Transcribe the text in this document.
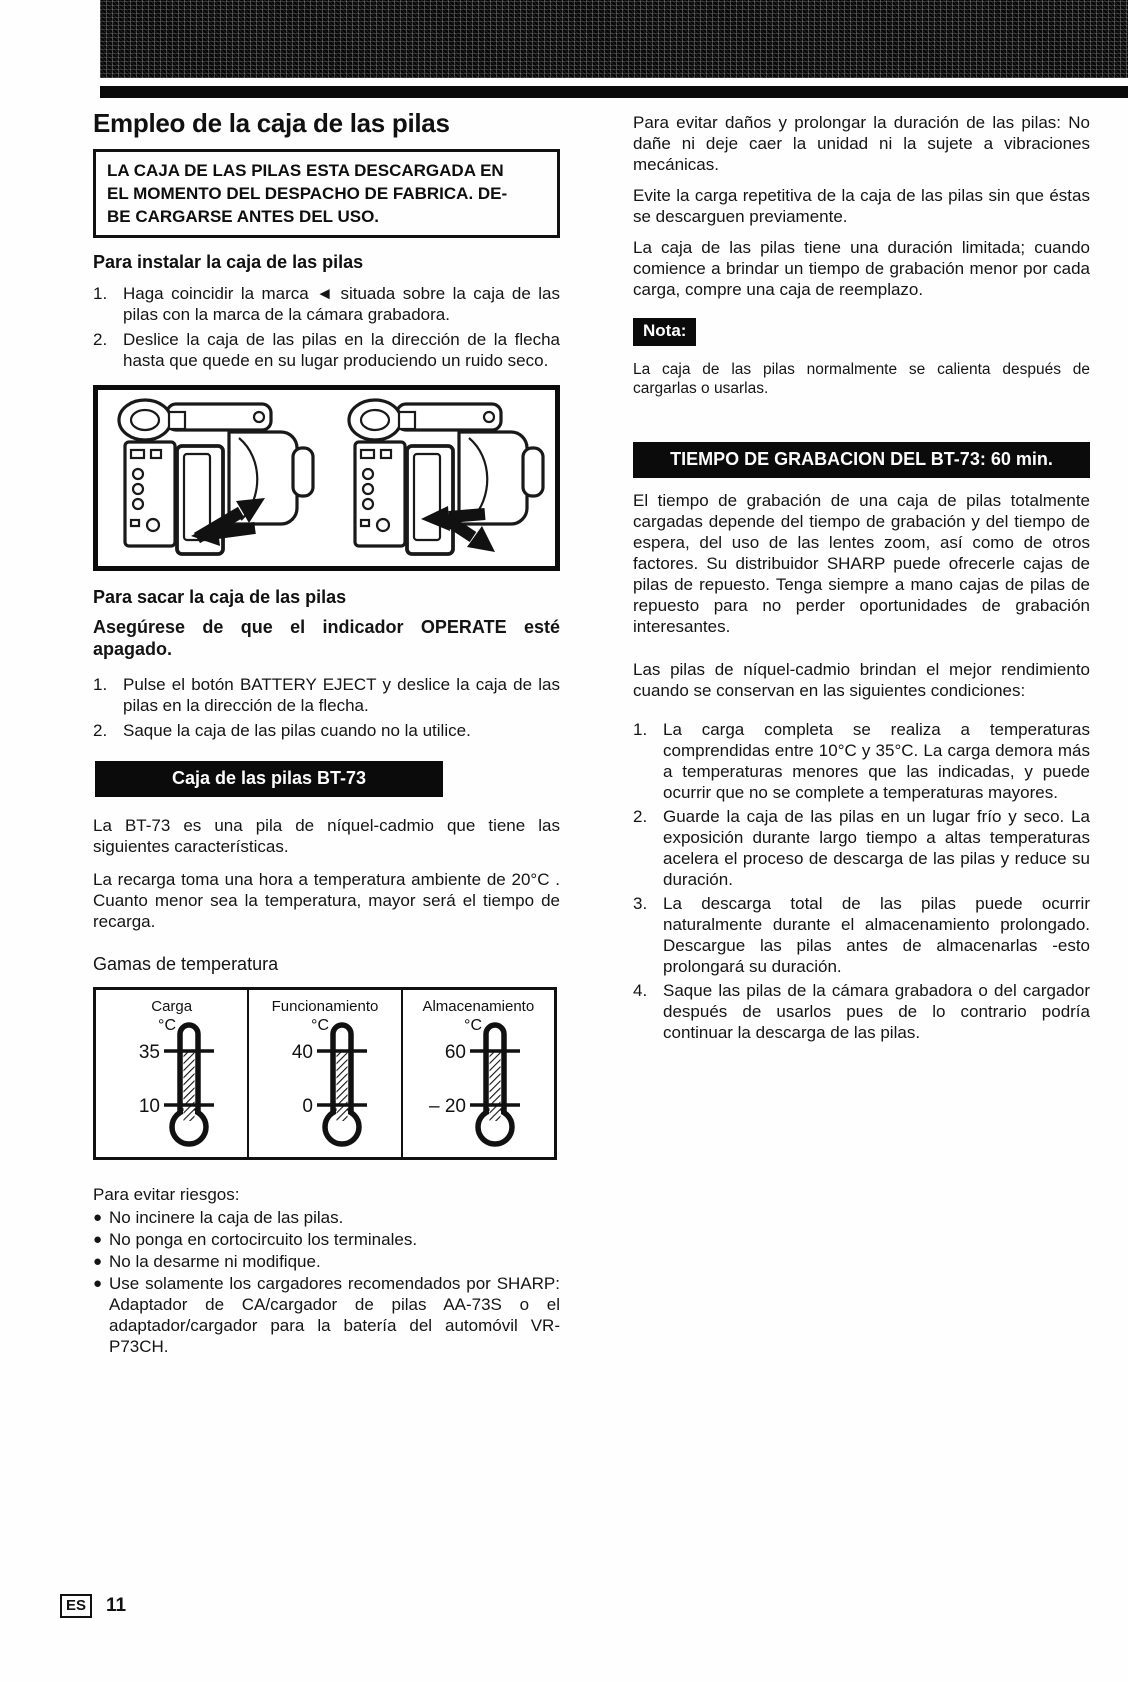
Empleo de la caja de las pilas
LA CAJA DE LAS PILAS ESTA DESCARGADA EN
EL MOMENTO DEL DESPACHO DE FABRICA. DE-
BE CARGARSE ANTES DEL USO.
Para instalar la caja de las pilas
1. Haga coincidir la marca ◄ situada sobre la caja de las pilas con la marca de la cámara grabadora.
2. Deslice la caja de las pilas en la dirección de la flecha hasta que quede en su lugar produciendo un ruido seco.
Para sacar la caja de las pilas

Asegúrese de que el indicador OPERATE esté apagado.

1. Pulse el botón BATTERY EJECT y deslice la caja de las pilas en la dirección de la flecha.
2. Saque la caja de las pilas cuando no la utilice.
Caja de las pilas BT-73

La BT-73 es una pila de níquel-cadmio que tiene las siguientes características.

La recarga toma una hora a temperatura ambiente de 20°C . Cuanto menor sea la temperatura, mayor será el tiempo de recarga.

Gamas de temperatura

Carga
°C
35
10
Funcionamiento
°C
40
0
Almacenamiento
°C
60
– 20

Para evitar riesgos:

● No incinere la caja de las pilas.
● No ponga en cortocircuito los terminales.
● No la desarme ni modifique.
● Use solamente los cargadores recomendados por SHARP: Adaptador de CA/cargador de pilas AA-73S o el adaptador/cargador para la batería del automóvil VR-P73CH.

Para evitar daños y prolongar la duración de las pilas: No dañe ni deje caer la unidad ni la sujete a vibraciones mecánicas.

Evite la carga repetitiva de la caja de las pilas sin que éstas se descarguen previamente.

La caja de las pilas tiene una duración limitada; cuando comience a brindar un tiempo de grabación menor por cada carga, compre una caja de reemplazo.

Nota:

La caja de las pilas normalmente se calienta después de cargarlas o usarlas.

TIEMPO DE GRABACION DEL BT-73: 60 min.

El tiempo de grabación de una caja de pilas totalmente cargadas depende del tiempo de grabación y del tiempo de espera, del uso de las lentes zoom, así como de otros factores. Su distribuidor SHARP puede ofrecerle cajas de pilas de repuesto. Tenga siempre a mano cajas de pilas de repuesto para no perder oportunidades de grabación interesantes.

Las pilas de níquel-cadmio brindan el mejor rendimiento cuando se conservan en las siguientes condiciones:

1. La carga completa se realiza a temperaturas comprendidas entre 10°C y 35°C. La carga demora más a temperaturas menores que las indicadas, y puede ocurrir que no se complete a temperaturas mayores.
2. Guarde la caja de las pilas en un lugar frío y seco. La exposición durante largo tiempo a altas temperaturas acelera el proceso de descarga de las pilas y reduce su duración.
3. La descarga total de las pilas puede ocurrir naturalmente durante el almacenamiento prolongado. Descargue las pilas antes de almacenarlas -esto prolongará su duración.
4. Saque las pilas de la cámara grabadora o del cargador después de usarlos pues de lo contrario podría continuar la descarga de las pilas.
ES	11
